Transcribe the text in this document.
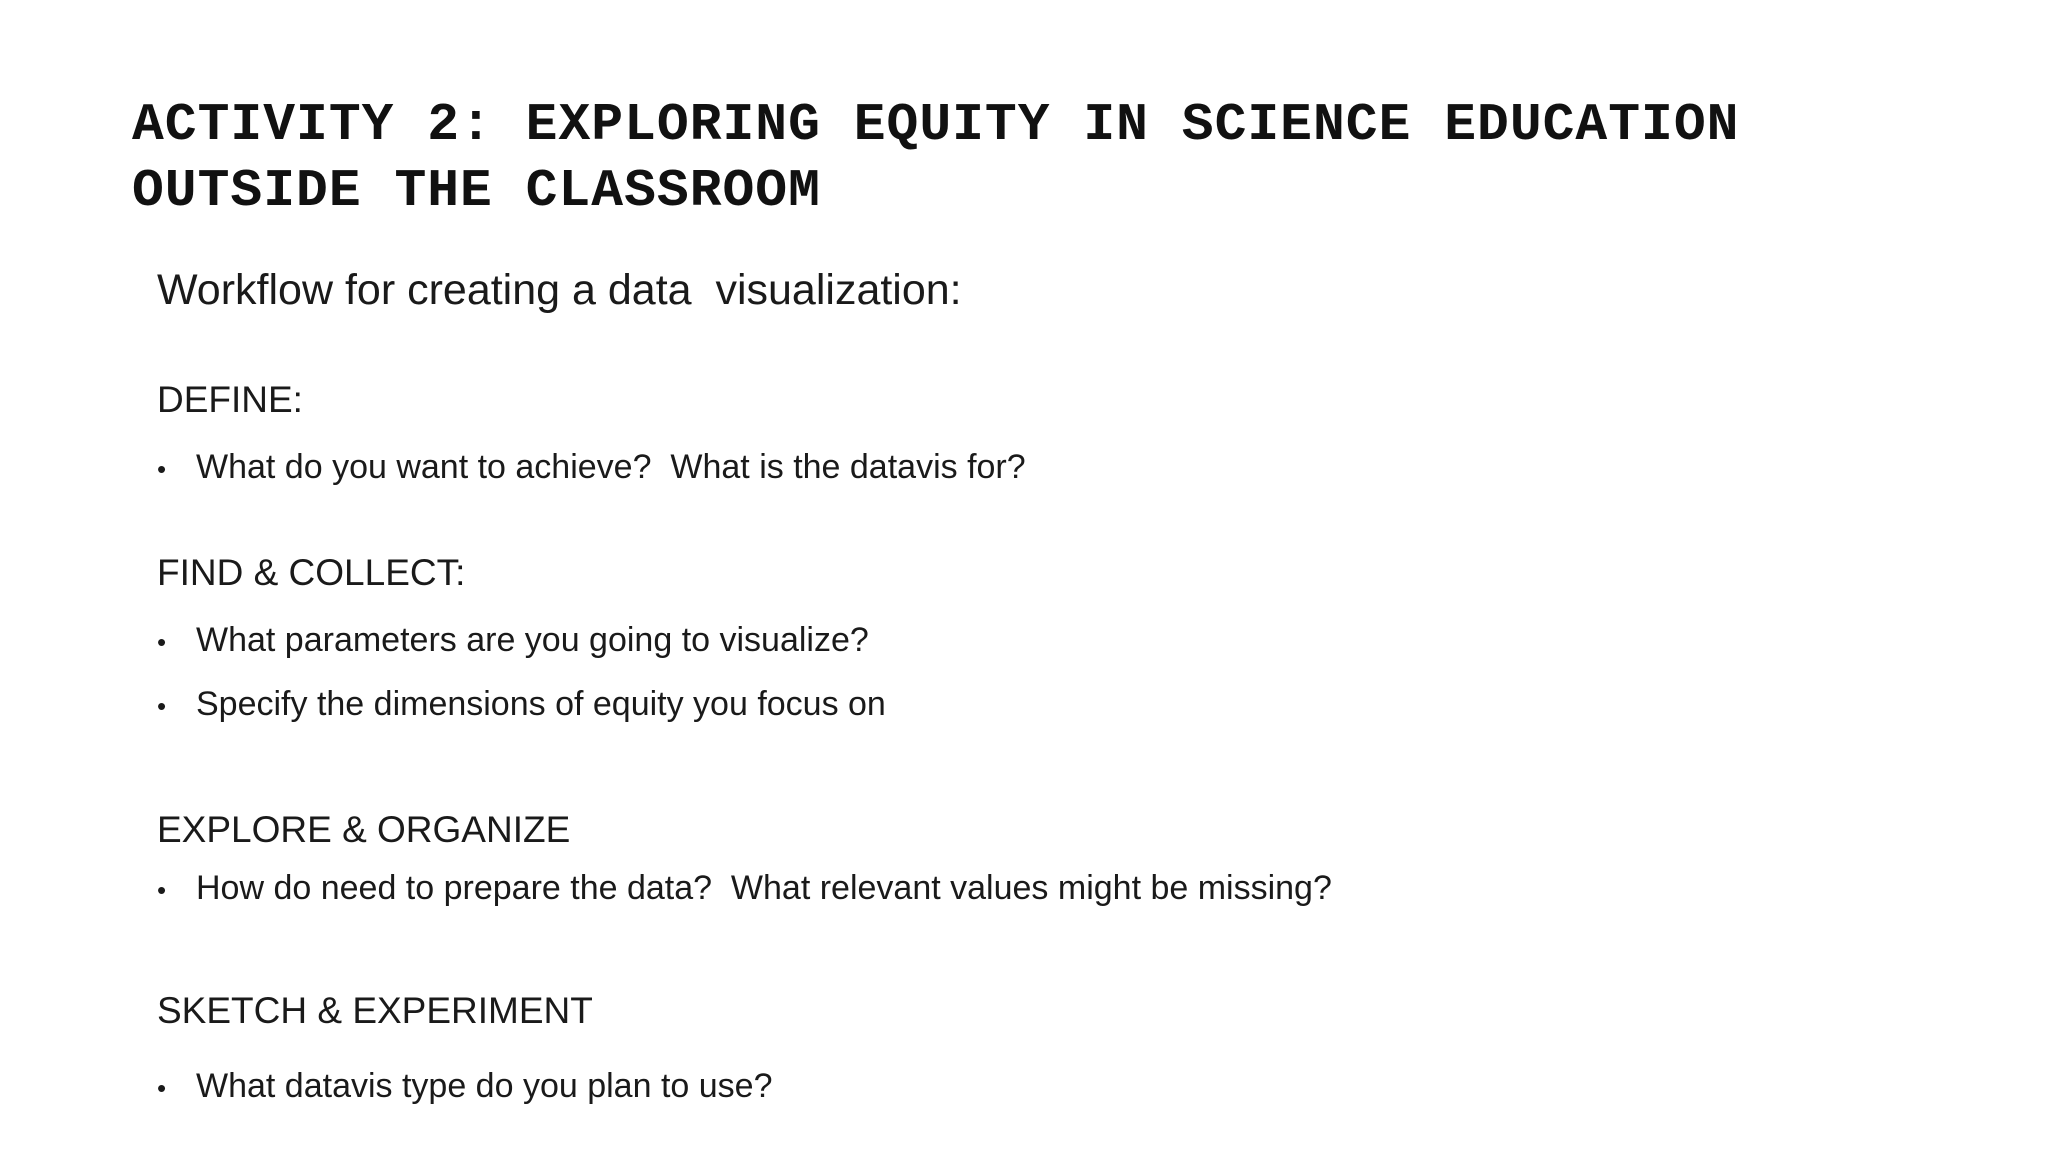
ACTIVITY 2: EXPLORING EQUITY IN SCIENCE EDUCATION
OUTSIDE THE CLASSROOM
Workflow for creating a data  visualization:
DEFINE:

• What do you want to achieve?  What is the datavis for?

FIND & COLLECT:

• What parameters are you going to visualize?

• Specify the dimensions of equity you focus on

EXPLORE & ORGANIZE

• How do need to prepare the data?  What relevant values might be missing?

SKETCH & EXPERIMENT

• What datavis type do you plan to use?
